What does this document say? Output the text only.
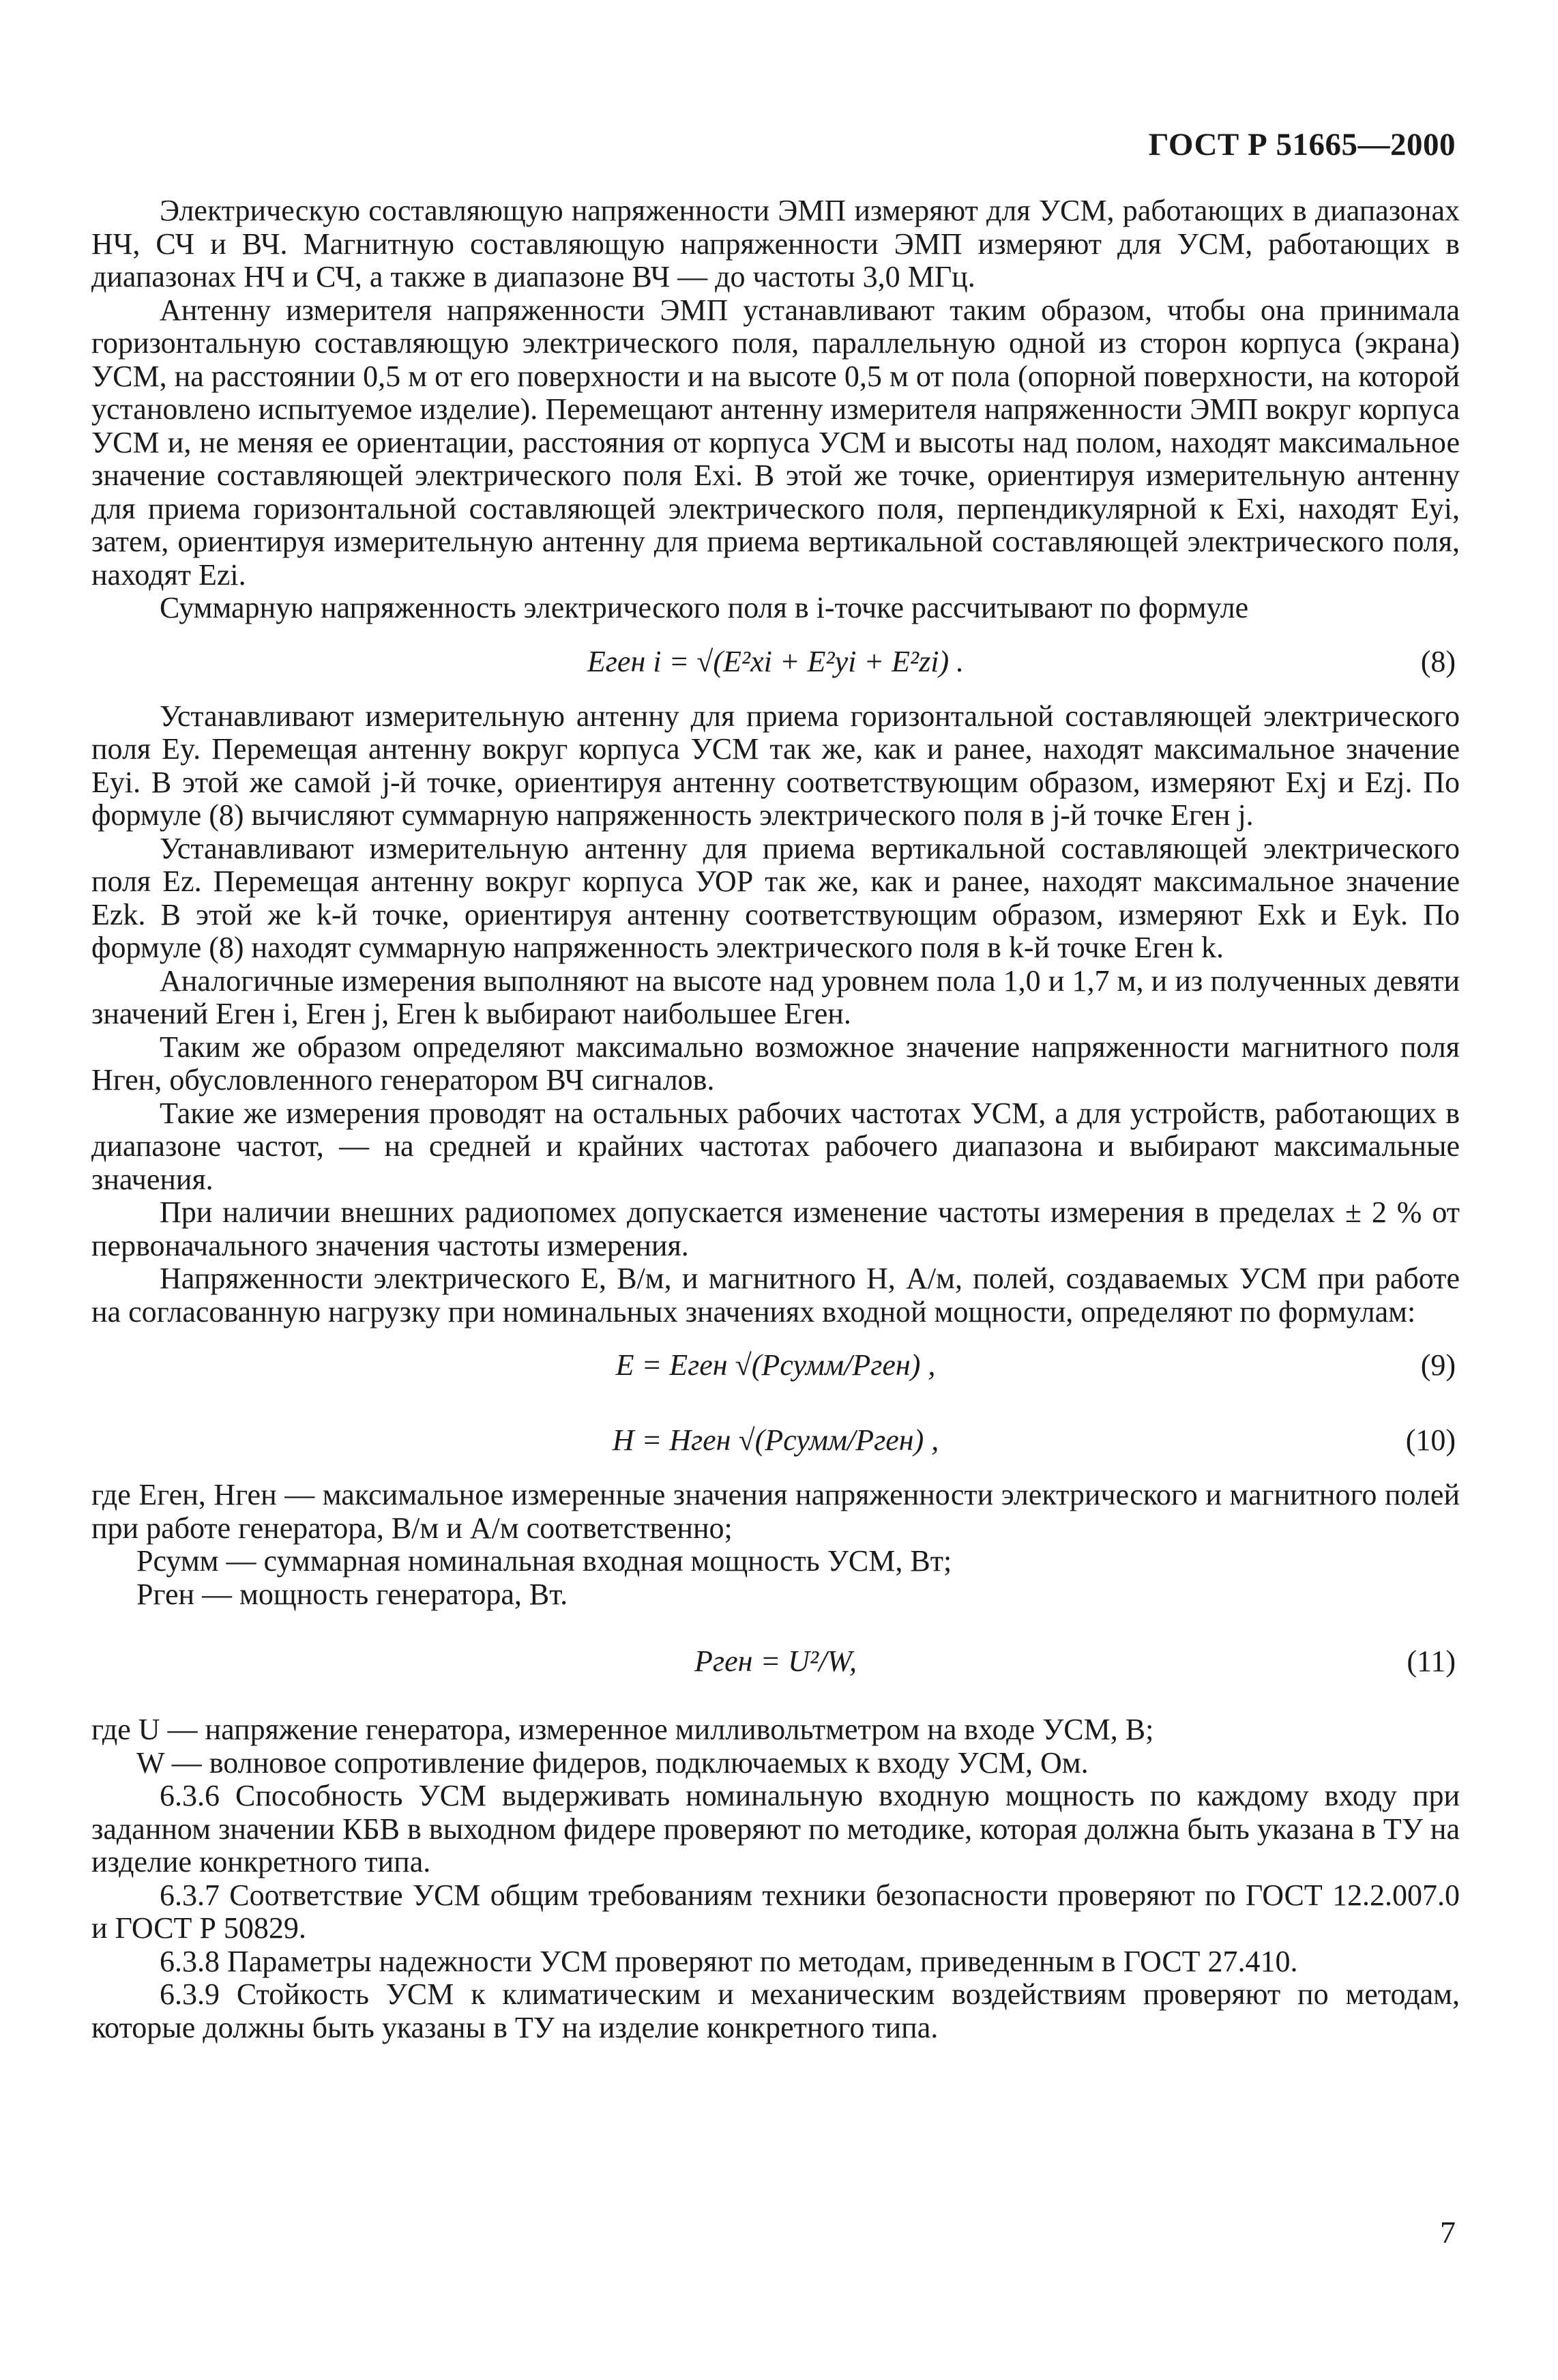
ГОСТ Р 51665—2000

Электрическую составляющую напряженности ЭМП измеряют для УСМ, работающих в диапазонах НЧ, СЧ и ВЧ. Магнитную составляющую напряженности ЭМП измеряют для УСМ, работающих в диапазонах НЧ и СЧ, а также в диапазоне ВЧ — до частоты 3,0 МГц.

Антенну измерителя напряженности ЭМП устанавливают таким образом, чтобы она принимала горизонтальную составляющую электрического поля, параллельную одной из сторон корпуса (экрана) УСМ, на расстоянии 0,5 м от его поверхности и на высоте 0,5 м от пола (опорной поверхности, на которой установлено испытуемое изделие). Перемещают антенну измерителя напряженности ЭМП вокруг корпуса УСМ и, не меняя ее ориентации, расстояния от корпуса УСМ и высоты над полом, находят максимальное значение составляющей электрического поля Exi. В этой же точке, ориентируя измерительную антенну для приема горизонтальной составляющей электрического поля, перпендикулярной к Exi, находят Eyi, затем, ориентируя измерительную антенну для приема вертикальной составляющей электрического поля, находят Ezi.

Суммарную напряженность электрического поля в i-точке рассчитывают по формуле

Eген i = √(E²xi + E²yi + E²zi) .	(8)

Устанавливают измерительную антенну для приема горизонтальной составляющей электрического поля Ey. Перемещая антенну вокруг корпуса УСМ так же, как и ранее, находят максимальное значение Eyi. В этой же самой j-й точке, ориентируя антенну соответствующим образом, измеряют Exj и Ezj. По формуле (8) вычисляют суммарную напряженность электрического поля в j-й точке Eген j.

Устанавливают измерительную антенну для приема вертикальной составляющей электрического поля Ez. Перемещая антенну вокруг корпуса УОР так же, как и ранее, находят максимальное значение Ezk. В этой же k-й точке, ориентируя антенну соответствующим образом, измеряют Exk и Eyk. По формуле (8) находят суммарную напряженность электрического поля в k-й точке Eген k.

Аналогичные измерения выполняют на высоте над уровнем пола 1,0 и 1,7 м, и из полученных девяти значений Eген i, Eген j, Eген k выбирают наибольшее Eген.

Таким же образом определяют максимально возможное значение напряженности магнитного поля Hген, обусловленного генератором ВЧ сигналов.

Такие же измерения проводят на остальных рабочих частотах УСМ, а для устройств, работающих в диапазоне частот, — на средней и крайних частотах рабочего диапазона и выбирают максимальные значения.

При наличии внешних радиопомех допускается изменение частоты измерения в пределах ± 2 % от первоначального значения частоты измерения.

Напряженности электрического E, В/м, и магнитного H, А/м, полей, создаваемых УСМ при работе на согласованную нагрузку при номинальных значениях входной мощности, определяют по формулам:

E = Eген √(Pсумм/Pген) ,	(9)
H = Hген √(Pсумм/Pген) ,	(10)

где Eген, Hген — максимальное измеренные значения напряженности электрического и магнитного полей при работе генератора, В/м и А/м соответственно;

Pсумм — суммарная номинальная входная мощность УСМ, Вт;

Pген — мощность генератора, Вт.

Pген = U²/W,	(11)

где U — напряжение генератора, измеренное милливольтметром на входе УСМ, В;

W — волновое сопротивление фидеров, подключаемых к входу УСМ, Ом.

6.3.6 Способность УСМ выдерживать номинальную входную мощность по каждому входу при заданном значении КБВ в выходном фидере проверяют по методике, которая должна быть указана в ТУ на изделие конкретного типа.

6.3.7 Соответствие УСМ общим требованиям техники безопасности проверяют по ГОСТ 12.2.007.0 и ГОСТ Р 50829.

6.3.8 Параметры надежности УСМ проверяют по методам, приведенным в ГОСТ 27.410.

6.3.9 Стойкость УСМ к климатическим и механическим воздействиям проверяют по методам, которые должны быть указаны в ТУ на изделие конкретного типа.

7
